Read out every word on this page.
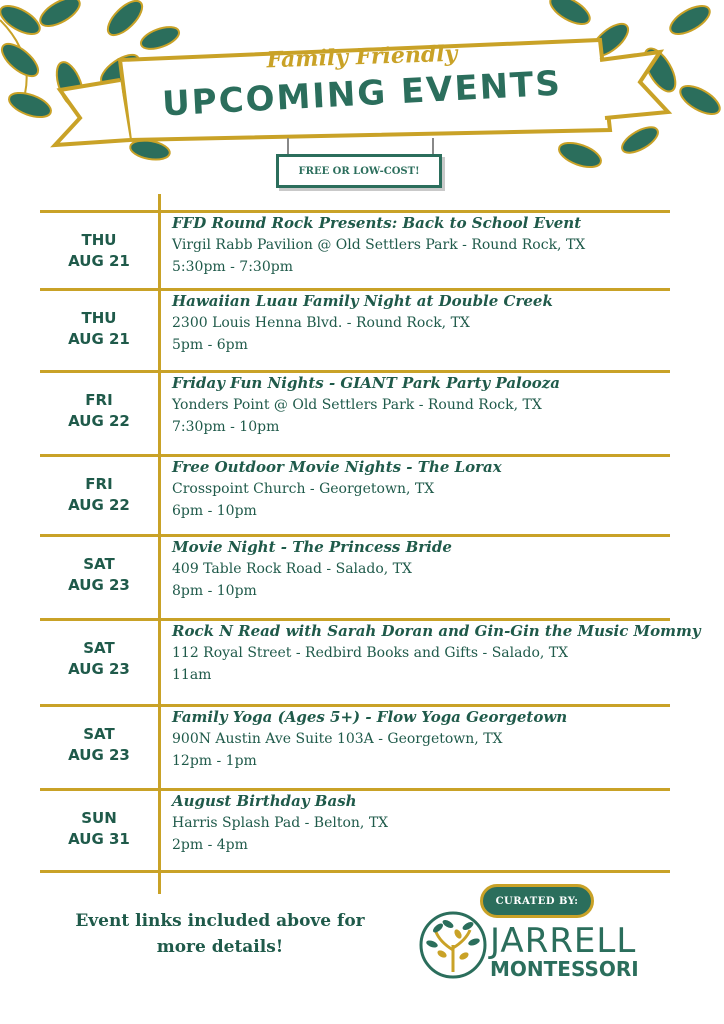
Family Friendly
UPCOMING EVENTS
FREE OR LOW-COST!
THU
AUG 21
FFD Round Rock Presents: Back to School Event
Virgil Rabb Pavilion @ Old Settlers Park - Round Rock, TX
5:30pm - 7:30pm
THU
AUG 21
Hawaiian Luau Family Night at Double Creek
2300 Louis Henna Blvd. - Round Rock, TX
5pm - 6pm
FRI
AUG 22
Friday Fun Nights - GIANT Park Party Palooza
Yonders Point @ Old Settlers Park - Round Rock, TX
7:30pm - 10pm
FRI
AUG 22
Free Outdoor Movie Nights - The Lorax
Crosspoint Church - Georgetown, TX
6pm - 10pm
SAT
AUG 23
Movie Night - The Princess Bride
409 Table Rock Road - Salado, TX
8pm - 10pm
SAT
AUG 23
Rock N Read with Sarah Doran and Gin-Gin the Music Mommy
112 Royal Street - Redbird Books and Gifts - Salado, TX
11am
SAT
AUG 23
Family Yoga (Ages 5+) - Flow Yoga Georgetown
900N Austin Ave Suite 103A - Georgetown, TX
12pm - 1pm
SUN
AUG 31
August Birthday Bash
Harris Splash Pad - Belton, TX
2pm - 4pm
Event links included above for more details!
CURATED BY:
JARRELL
MONTESSORI
